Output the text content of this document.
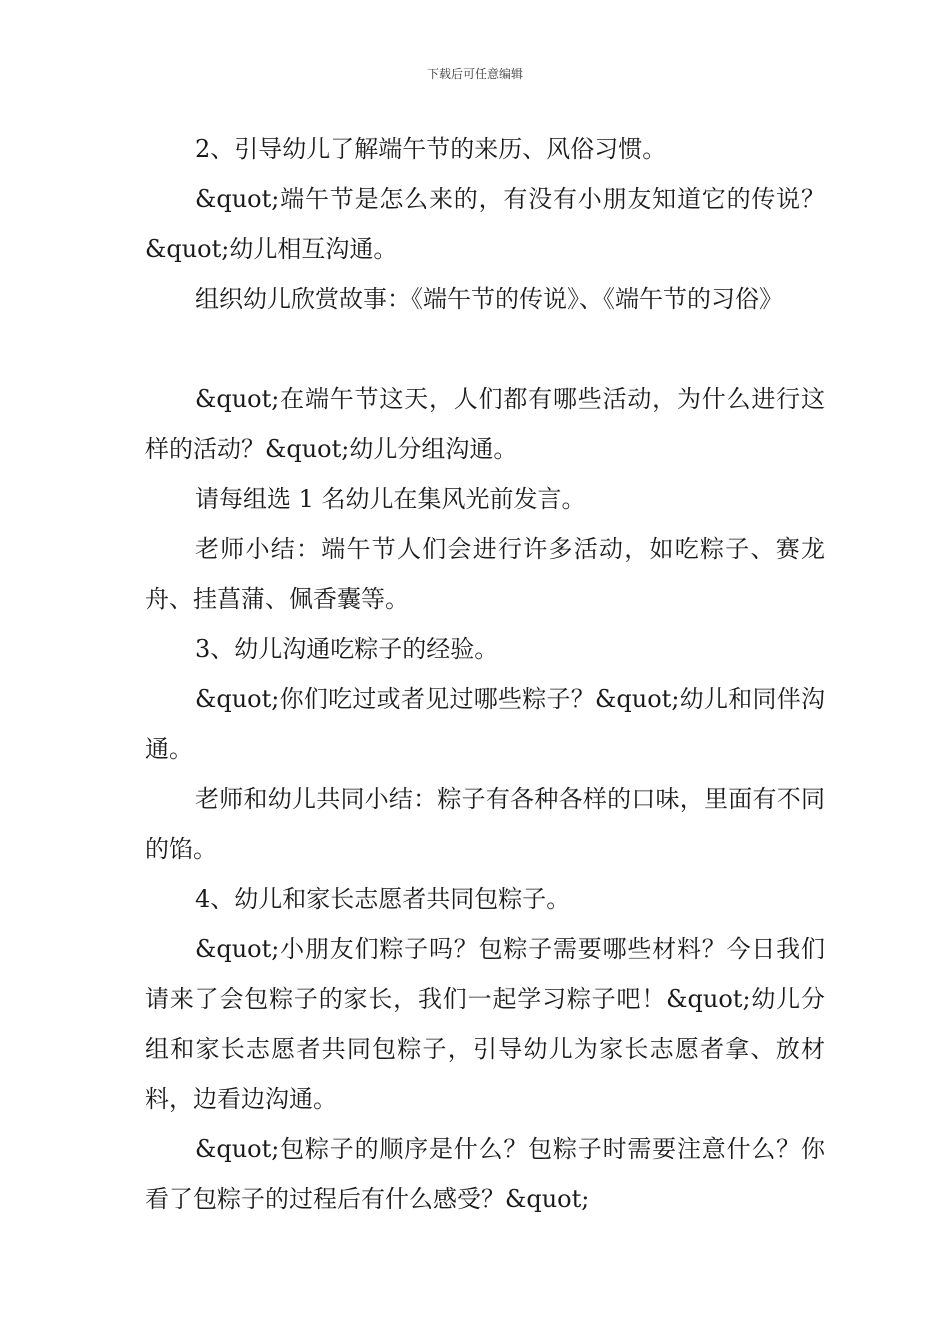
下载后可任意编辑

2、引导幼儿了解端午节的来历、风俗习惯。

&quot;端午节是怎么来的，有没有小朋友知道它的传说？&quot;幼儿相互沟通。

组织幼儿欣赏故事：《端午节的传说》、《端午节的习俗》

&quot;在端午节这天，人们都有哪些活动，为什么进行这样的活动？&quot;幼儿分组沟通。

请每组选 1 名幼儿在集风光前发言。

老师小结：端午节人们会进行许多活动，如吃粽子、赛龙舟、挂菖蒲、佩香囊等。

3、幼儿沟通吃粽子的经验。

&quot;你们吃过或者见过哪些粽子？&quot;幼儿和同伴沟通。

老师和幼儿共同小结：粽子有各种各样的口味，里面有不同的馅。

4、幼儿和家长志愿者共同包粽子。

&quot;小朋友们粽子吗？包粽子需要哪些材料？今日我们请来了会包粽子的家长，我们一起学习粽子吧！&quot;幼儿分组和家长志愿者共同包粽子，引导幼儿为家长志愿者拿、放材料，边看边沟通。

&quot;包粽子的顺序是什么？包粽子时需要注意什么？你看了包粽子的过程后有什么感受？&quot;
